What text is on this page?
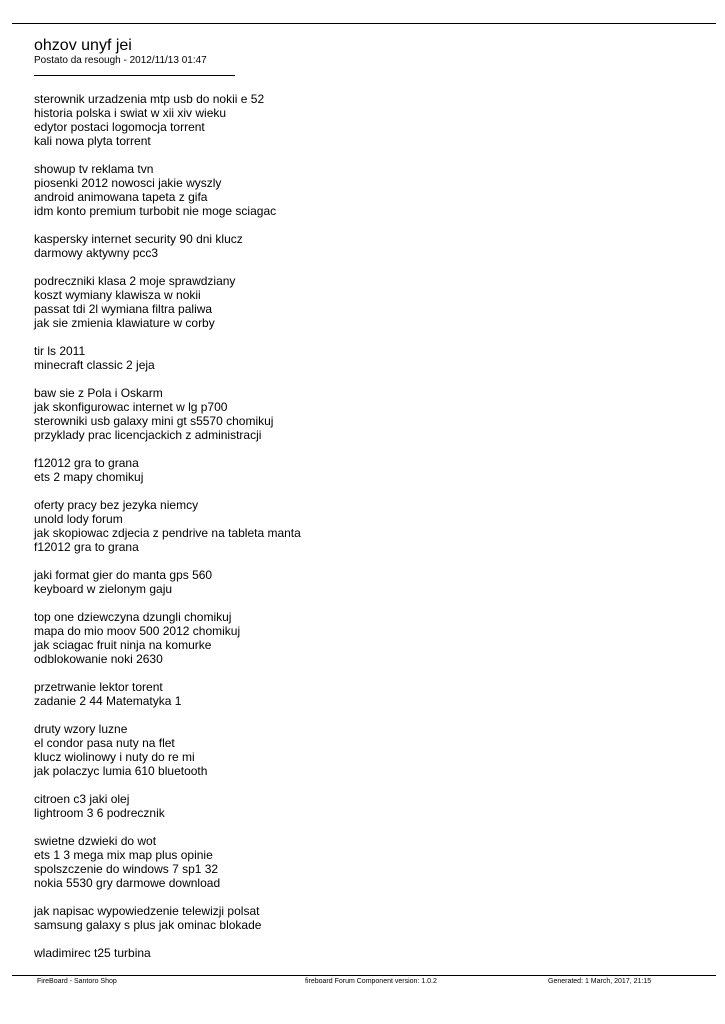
ohzov unyf jei
Postato da resough - 2012/11/13 01:47
sterownik urzadzenia mtp usb do nokii e 52
historia polska i swiat w xii xiv wieku
edytor postaci logomocja torrent
kali nowa plyta torrent
showup tv reklama tvn
piosenki 2012 nowosci jakie wyszly
android animowana tapeta z gifa
idm konto premium turbobit nie moge sciagac
kaspersky internet security 90 dni klucz
darmowy aktywny pcc3
podreczniki klasa 2 moje sprawdziany
koszt wymiany klawisza w nokii
passat tdi 2l wymiana filtra paliwa
jak sie zmienia klawiature w corby
tir ls 2011
minecraft classic 2 jeja
baw sie z Pola i Oskarm
jak skonfigurowac internet w lg p700
sterowniki usb galaxy mini gt s5570 chomikuj
przyklady prac licencjackich z administracji
f12012 gra to grana
ets 2 mapy chomikuj
oferty pracy bez jezyka niemcy
unold lody forum
jak skopiowac zdjecia z pendrive na tableta manta
f12012 gra to grana
jaki format gier do manta gps 560
keyboard w zielonym gaju
top one dziewczyna dzungli chomikuj
mapa do mio moov 500 2012 chomikuj
jak sciagac fruit ninja na komurke
odblokowanie noki 2630
przetrwanie lektor torent
zadanie 2 44 Matematyka 1
druty wzory luzne
el condor pasa nuty na flet
klucz wiolinowy i nuty do re mi
jak polaczyc lumia 610 bluetooth
citroen c3 jaki olej
lightroom 3 6 podrecznik
swietne dzwieki do wot
ets 1 3 mega mix map plus opinie
spolszczenie do windows 7 sp1 32
nokia 5530 gry darmowe download
jak napisac wypowiedzenie telewizji polsat
samsung galaxy s plus jak ominac blokade
wladimirec t25 turbina
FireBoard - Santoro Shop	fireboard Forum Component version: 1.0.2	Generated: 1 March, 2017, 21:15
